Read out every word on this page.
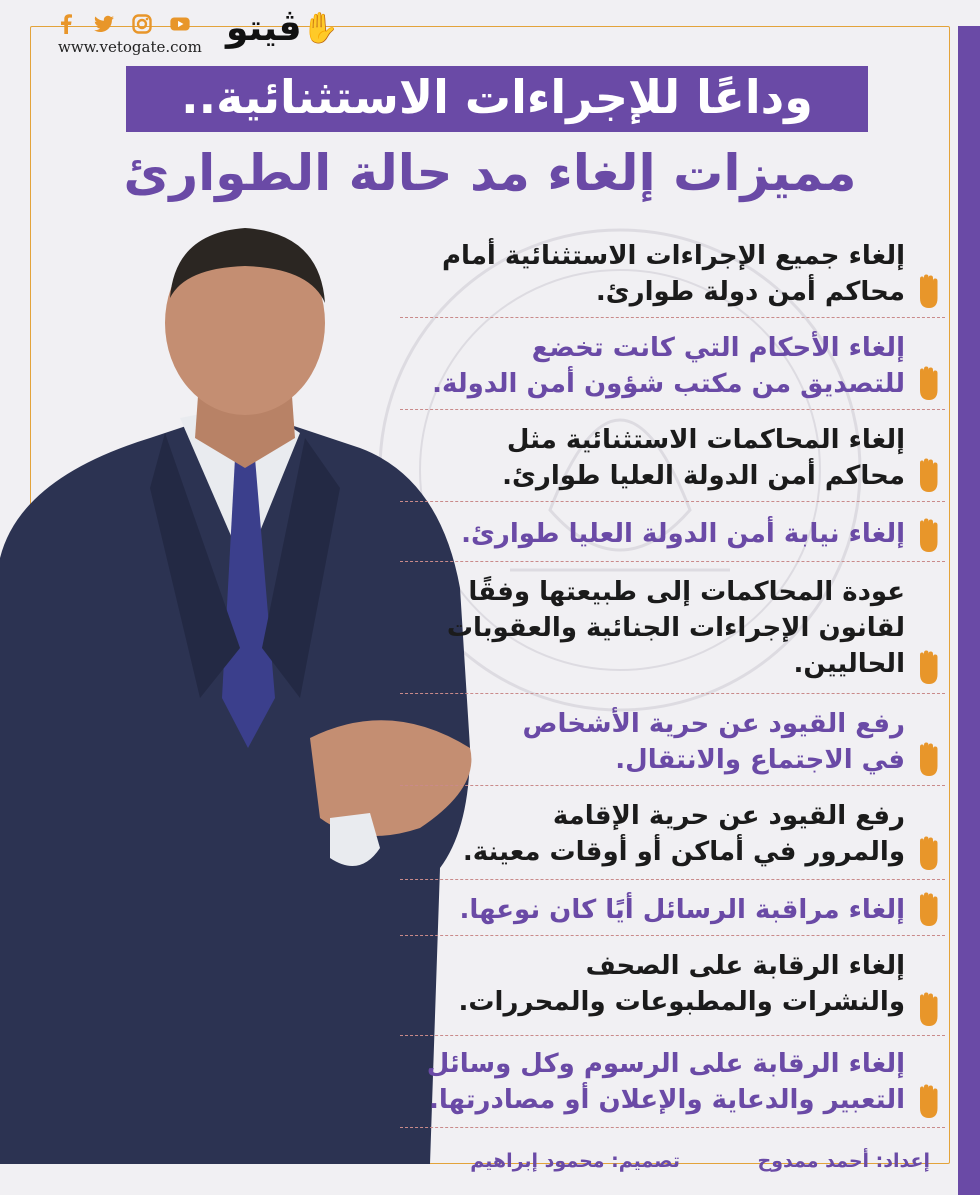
www.vetogate.com
✋
ڤيتو
وداعًا للإجراءات الاستثنائية..
مميزات إلغاء مد حالة الطوارئ
إلغاء جميع الإجراءات الاستثنائية أمام
محاكم أمن دولة طوارئ.
إلغاء الأحكام التي كانت تخضع
للتصديق من مكتب شؤون أمن الدولة.
إلغاء المحاكمات الاستثنائية مثل
محاكم أمن الدولة العليا طوارئ.
إلغاء نيابة أمن الدولة العليا طوارئ.
عودة المحاكمات إلى طبيعتها وفقًا
لقانون الإجراءات الجنائية والعقوبات
الحاليين.
رفع القيود عن حرية الأشخاص
في الاجتماع والانتقال.
رفع القيود عن حرية الإقامة
والمرور في أماكن أو أوقات معينة.
إلغاء مراقبة الرسائل أيًا كان نوعها.
إلغاء الرقابة على الصحف
والنشرات والمطبوعات والمحررات.
إلغاء الرقابة على الرسوم وكل وسائل
التعبير والدعاية والإعلان أو مصادرتها.
إعداد: أحمد ممدوح
تصميم: محمود إبراهيم
